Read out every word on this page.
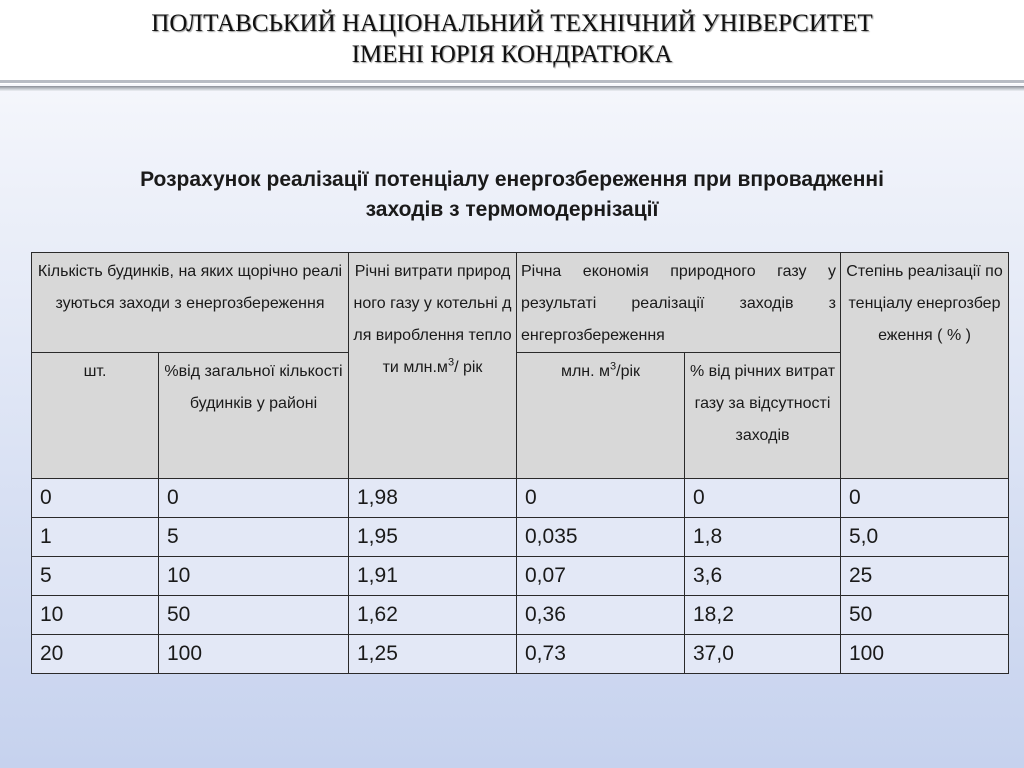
ПОЛТАВСЬКИЙ НАЦІОНАЛЬНИЙ ТЕХНІЧНИЙ УНІВЕРСИТЕТ
ІМЕНІ ЮРІЯ КОНДРАТЮКА
Розрахунок реалізації потенціалу енергозбереження при впровадженні
заходів з термомодернізації
Кількість будинків, на яких щорічно реалізуються заходи з енергозбереження		Річні витрати природного газу у котельні для вироблення теплоти $млн.м^3/$ рік	Річна економія природного газу у результаті реалізації заходів з енгергозбереження		Степінь реалізації потенціалу енергозбереження ( % )
шт.	%від загальної кількості будинків у районі		млн. $м^3$/рік	% від річних витрат газу за відсутності заходів	
0	0	1,98	0	0	0
1	5	1,95	0,035	1,8	5,0
5	10	1,91	0,07	3,6	25
10	50	1,62	0,36	18,2	50
20	100	1,25	0,73	37,0	100
